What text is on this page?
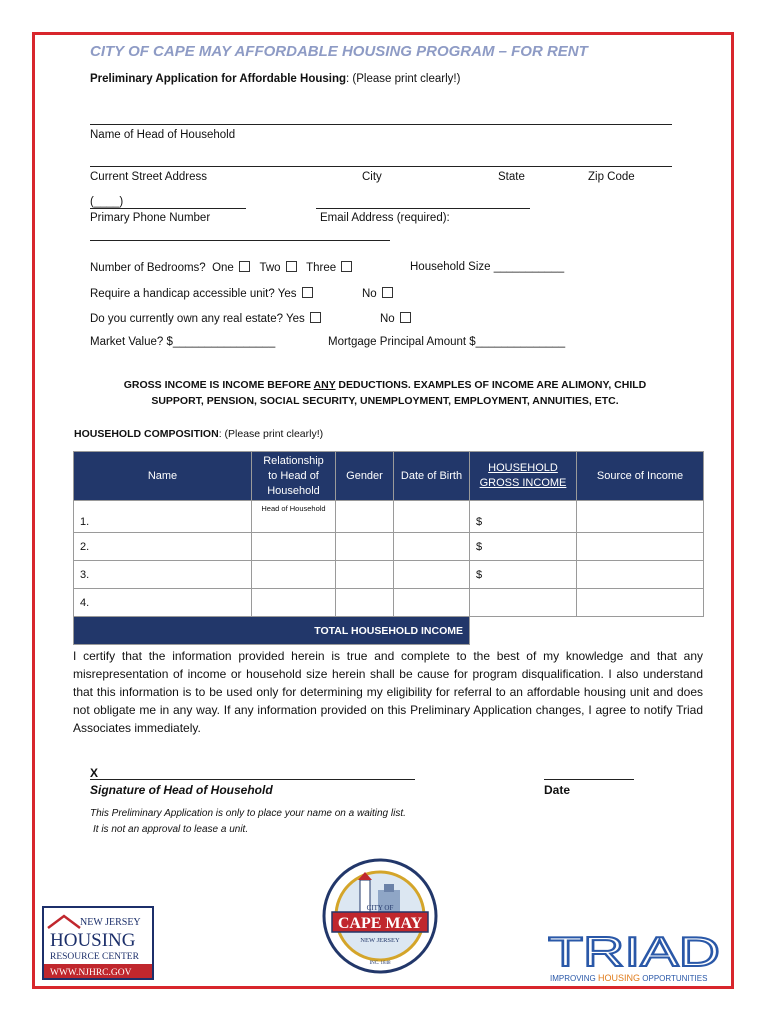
CITY OF CAPE MAY AFFORDABLE HOUSING PROGRAM – FOR RENT
Preliminary Application for Affordable Housing: (Please print clearly!)
Name of Head of Household
Current Street Address	City	State	Zip Code
(____)
Primary Phone Number	Email Address (required):
Number of Bedrooms? One Two Three	Household Size ___________
Require a handicap accessible unit? Yes	No
Do you currently own any real estate? Yes	No
Market Value? $________________	Mortgage Principal Amount $______________
GROSS INCOME IS INCOME BEFORE ANY DEDUCTIONS. EXAMPLES OF INCOME ARE ALIMONY, CHILD
SUPPORT, PENSION, SOCIAL SECURITY, UNEMPLOYMENT, EMPLOYMENT, ANNUITIES, ETC.
HOUSEHOLD COMPOSITION: (Please print clearly!)
Name	Relationship to Head of Household	Gender	Date of Birth	HOUSEHOLD GROSS INCOME	Source of Income
1.	Head of Household			$	
2.				$	
3.				$	
4.					
TOTAL HOUSEHOLD INCOME					
I certify that the information provided herein is true and complete to the best of my knowledge and that any misrepresentation of income or household size herein shall be cause for program disqualification. I also understand that this information is to be used only for determining my eligibility for referral to an affordable housing unit and does not obligate me in any way. If any information provided on this Preliminary Application changes, I agree to notify Triad Associates immediately.
X
Signature of Head of Household	Date
This Preliminary Application is only to place your name on a waiting list.
It is not an approval to lease a unit.
NEW JERSEY
HOUSING
RESOURCE CENTER
WWW.NJHRC.GOV
CITY OF
CAPE MAY
NEW JERSEY
INC. 1848	TRIAD
IMPROVING HOUSING OPPORTUNITIES
